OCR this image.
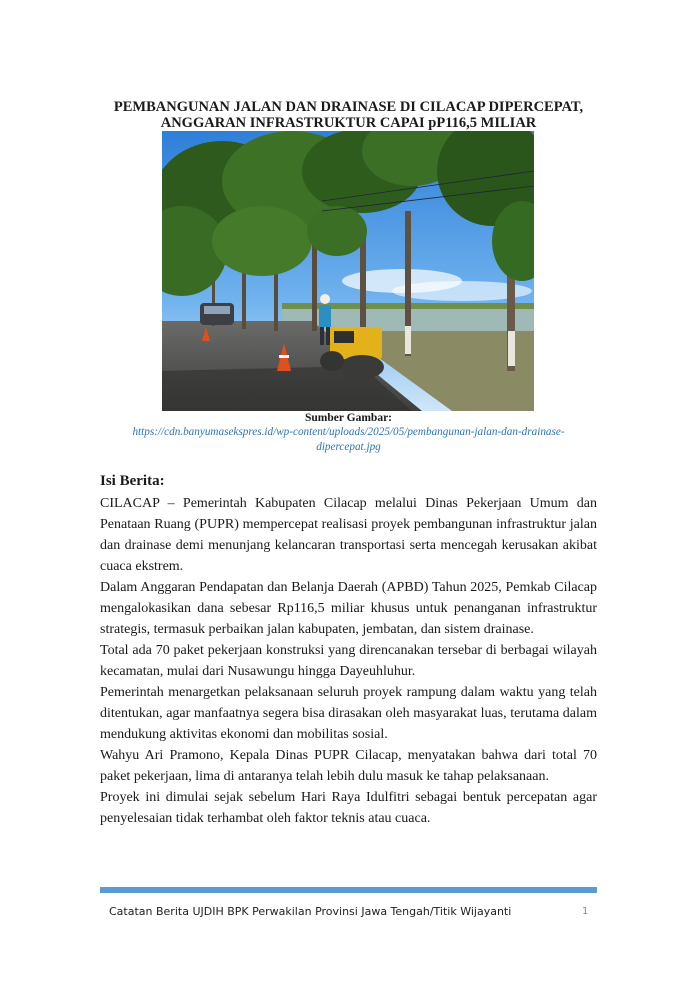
PEMBANGUNAN JALAN DAN DRAINASE DI CILACAP DIPERCEPAT,
ANGGARAN INFRASTRUKTUR CAPAI pP116,5 MILIAR

Sumber Gambar:

https://cdn.banyumasekspres.id/wp-content/uploads/2025/05/pembangunan-jalan-dan-drainase-
dipercepat.jpg

Isi Berita:

CILACAP – Pemerintah Kabupaten Cilacap melalui Dinas Pekerjaan Umum dan Penataan Ruang (PUPR) mempercepat realisasi proyek pembangunan infrastruktur jalan dan drainase demi menunjang kelancaran transportasi serta mencegah kerusakan akibat cuaca ekstrem.

Dalam Anggaran Pendapatan dan Belanja Daerah (APBD) Tahun 2025, Pemkab Cilacap mengalokasikan dana sebesar Rp116,5 miliar khusus untuk penanganan infrastruktur strategis, termasuk perbaikan jalan kabupaten, jembatan, dan sistem drainase.

Total ada 70 paket pekerjaan konstruksi yang direncanakan tersebar di berbagai wilayah kecamatan, mulai dari Nusawungu hingga Dayeuhluhur.

Pemerintah menargetkan pelaksanaan seluruh proyek rampung dalam waktu yang telah ditentukan, agar manfaatnya segera bisa dirasakan oleh masyarakat luas, terutama dalam mendukung aktivitas ekonomi dan mobilitas sosial.

Wahyu Ari Pramono, Kepala Dinas PUPR Cilacap, menyatakan bahwa dari total 70 paket pekerjaan, lima di antaranya telah lebih dulu masuk ke tahap pelaksanaan.

Proyek ini dimulai sejak sebelum Hari Raya Idulfitri sebagai bentuk percepatan agar penyelesaian tidak terhambat oleh faktor teknis atau cuaca.

Catatan Berita UJDIH BPK Perwakilan Provinsi Jawa Tengah/Titik Wijayanti	1
